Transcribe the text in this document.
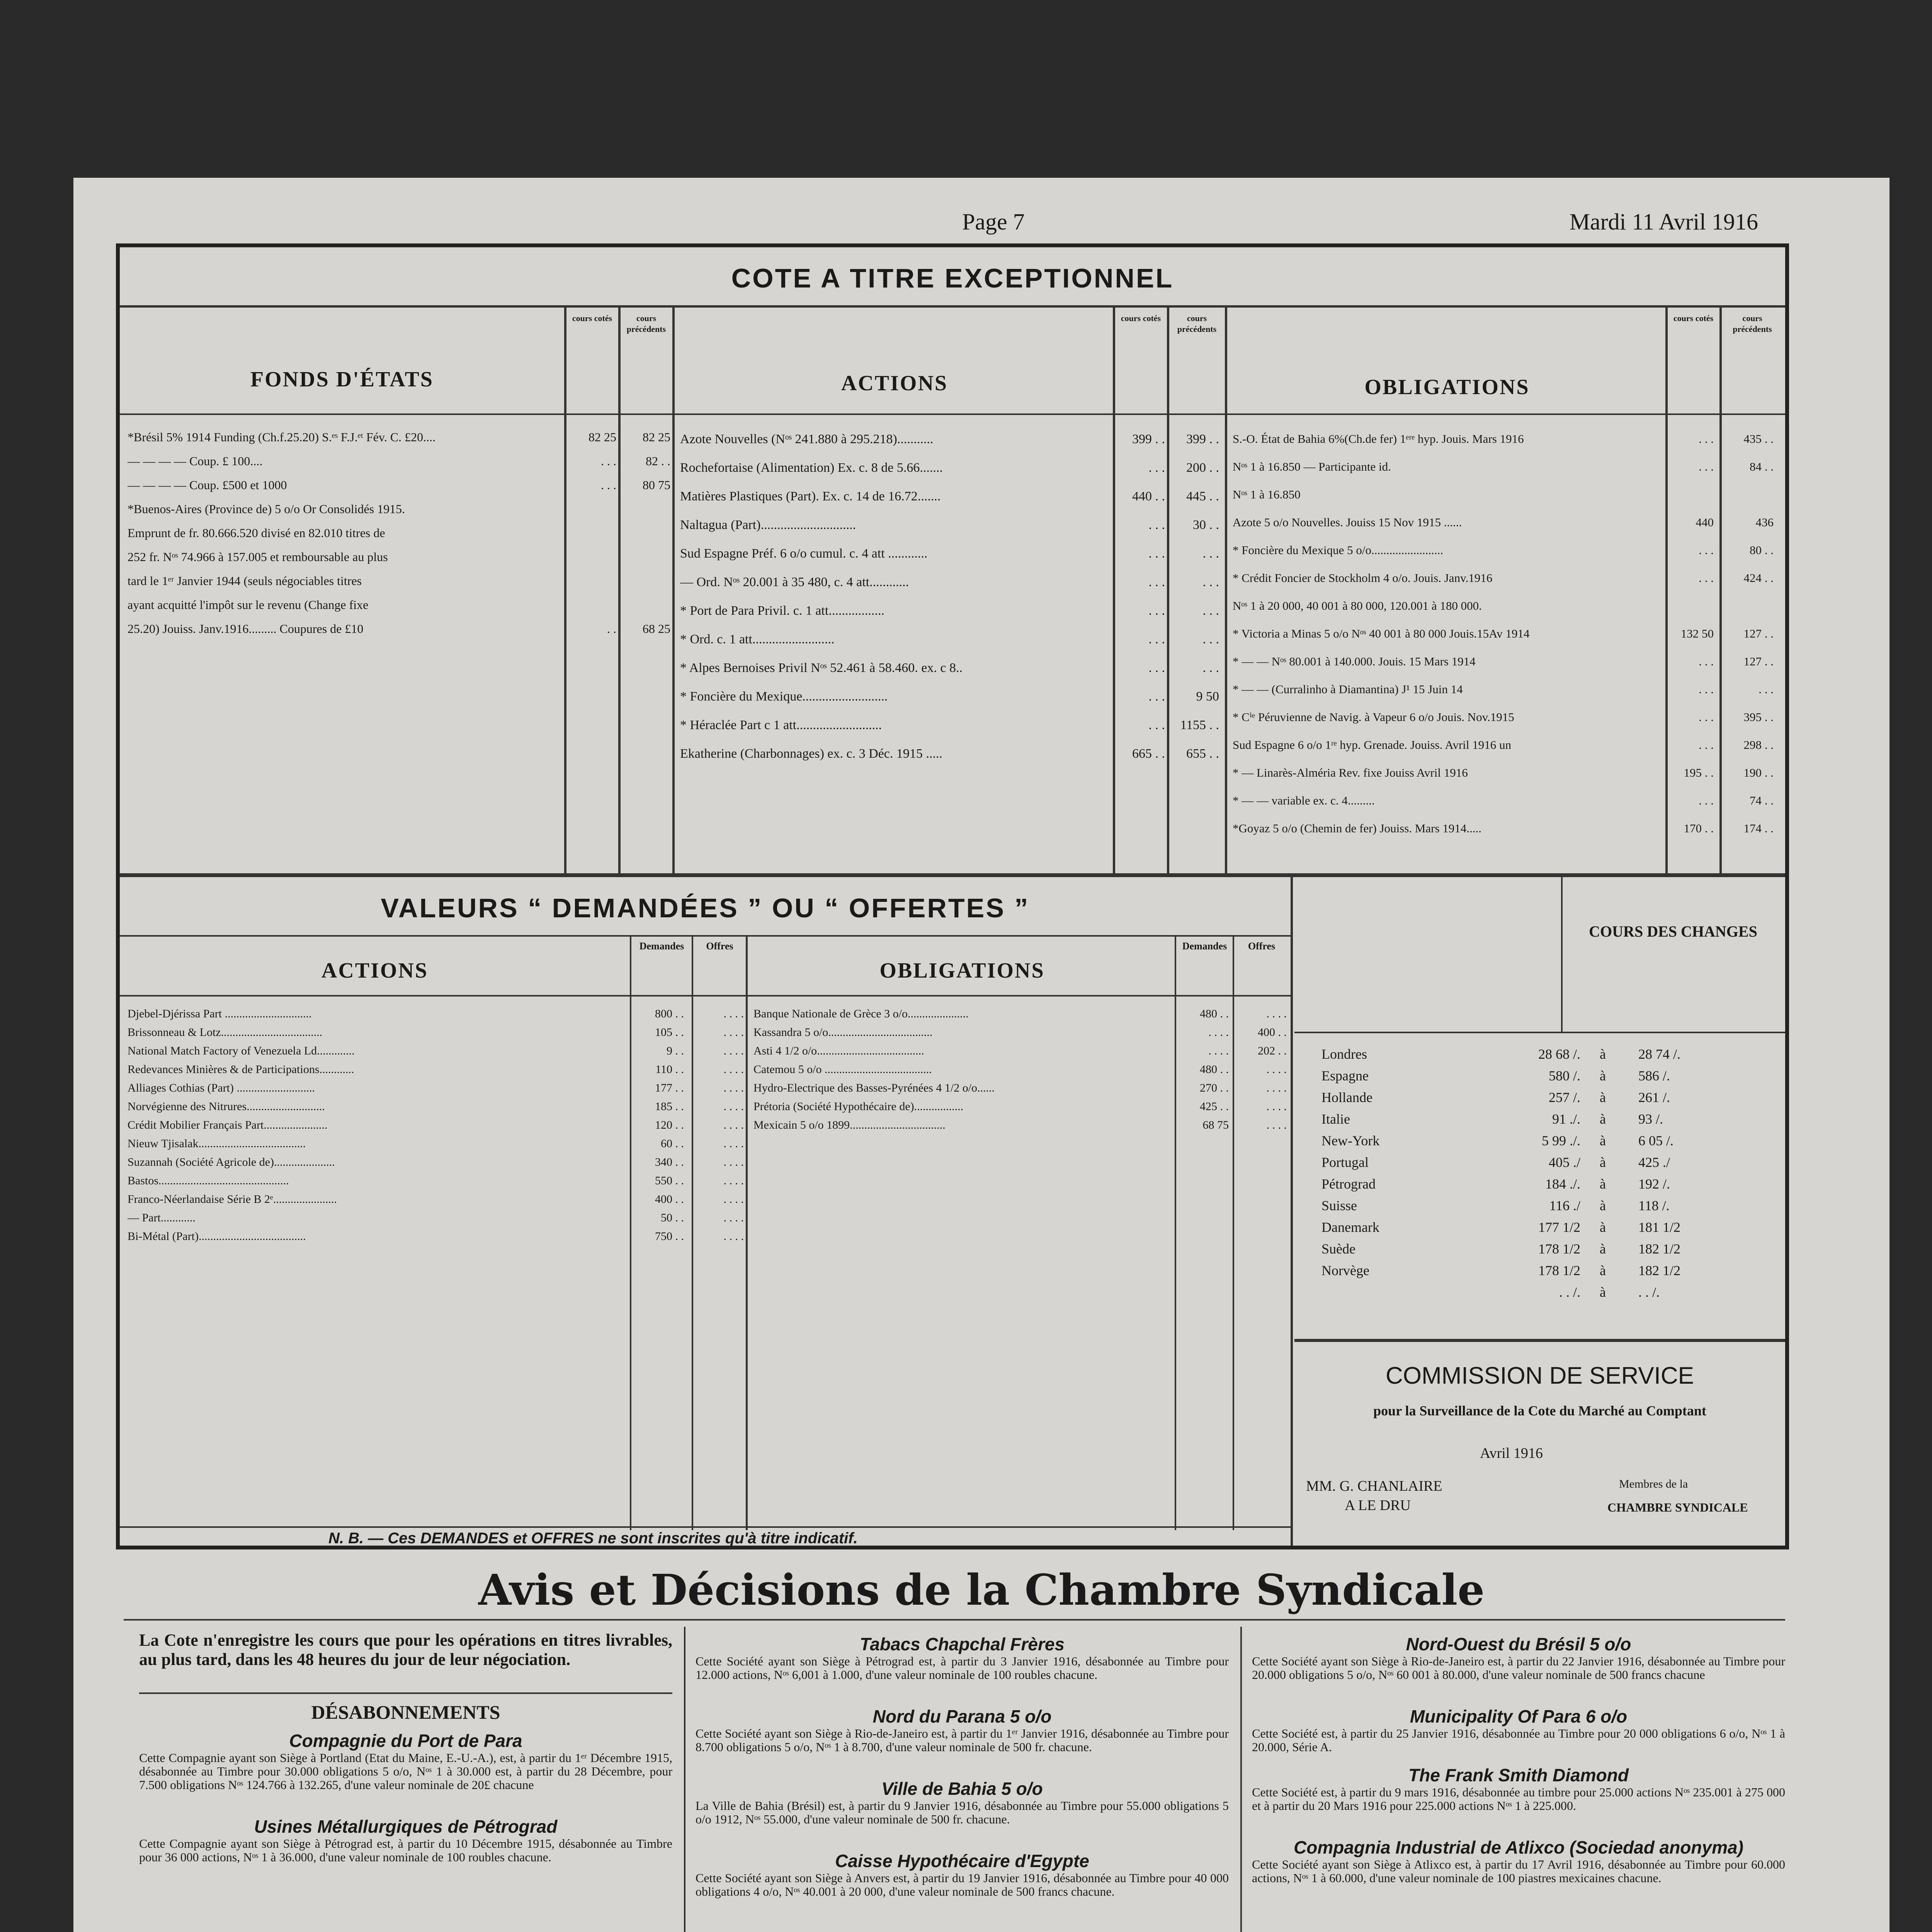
Page 7	Mardi 11 Avril 1916
COTE A TITRE EXCEPTIONNEL
cours cotés	cours précédents
cours cotés	cours précédents
cours cotés	cours précédents
FONDS D'ÉTATS	ACTIONS	OBLIGATIONS
*Brésil 5% 1914 Funding (Ch.f.25.20) S.ᵉˢ F.J.ᵉᵗ Fév. C. £20....	82 25	82 25
— — — — Coup. £ 100....	. . .	82 . .
— — — — Coup. £500 et 1000	. . .	80 75
*Buenos-Aires (Province de) 5 o/o Or Consolidés 1915.
Emprunt de fr. 80.666.520 divisé en 82.010 titres de
252 fr. Nᵒˢ 74.966 à 157.005 et remboursable au plus
tard le 1ᵉʳ Janvier 1944 (seuls négociables titres
ayant acquitté l'impôt sur le revenu (Change fixe
25.20) Jouiss. Janv.1916......... Coupures de £10	. .	68 25
Azote Nouvelles (Nᵒˢ 241.880 à 295.218)...........	399 . .	399 . .
Rochefortaise (Alimentation) Ex. c. 8 de 5.66.......	. . .	200 . .
Matières Plastiques (Part). Ex. c. 14 de 16.72.......	440 . .	445 . .
Naltagua (Part).............................	. . .	30 . .
Sud Espagne Préf. 6 o/o cumul. c. 4 att ............	. . .	. . .
— Ord. Nᵒˢ 20.001 à 35 480, c. 4 att............	. . .	. . .
* Port de Para Privil. c. 1 att.................	. . .	. . .
* Ord. c. 1 att.........................	. . .	. . .
* Alpes Bernoises Privil Nᵒˢ 52.461 à 58.460. ex. c 8..	. . .	. . .
* Foncière du Mexique..........................	. . .	9 50
* Héraclée Part c 1 att..........................	. . .	1155 . .
Ekatherine (Charbonnages) ex. c. 3 Déc. 1915 .....	665 . .	655 . .
S.-O. État de Bahia 6%(Ch.de fer) 1ᵉʳᵉ hyp. Jouis. Mars 1916	. . .	435 . .
Nᵒˢ 1 à 16.850 — Participante id.	. . .	84 . .
Nᵒˢ 1 à 16.850
Azote 5 o/o Nouvelles. Jouiss 15 Nov 1915 ......	440	436
* Foncière du Mexique 5 o/o........................	. . .	80 . .
* Crédit Foncier de Stockholm 4 o/o. Jouis. Janv.1916	. . .	424 . .
Nᵒˢ 1 à 20 000, 40 001 à 80 000, 120.001 à 180 000.
* Victoria a Minas 5 o/o Nᵒˢ 40 001 à 80 000 Jouis.15Av 1914	132 50	127 . .
* — — Nᵒˢ 80.001 à 140.000. Jouis. 15 Mars 1914	. . .	127 . .
* — — (Curralinho à Diamantina) J¹ 15 Juin 14	. . .	. . .
* Cⁱᵉ Péruvienne de Navig. à Vapeur 6 o/o Jouis. Nov.1915	. . .	395 . .
Sud Espagne 6 o/o 1ʳᵉ hyp. Grenade. Jouiss. Avril 1916 un	. . .	298 . .
* — Linarès-Alméria Rev. fixe Jouiss Avril 1916	195 . .	190 . .
* — — variable ex. c. 4.........	. . .	74 . .
*Goyaz 5 o/o (Chemin de fer) Jouiss. Mars 1914.....	170 . .	174 . .
VALEURS “ DEMANDÉES ” OU “ OFFERTES ”
Demandes	Offres	Demandes	Offres
ACTIONS	OBLIGATIONS
Djebel-Djérissa Part ..............................	800 . .	. . . .
Brissonneau & Lotz...................................	105 . .	. . . .
National Match Factory of Venezuela Ld.............	9 . .	. . . .
Redevances Minières & de Participations............	110 . .	. . . .
Alliages Cothias (Part) ...........................	177 . .	. . . .
Norvégienne des Nitrures...........................	185 . .	. . . .
Crédit Mobilier Français Part......................	120 . .	. . . .
Nieuw Tjisalak.....................................	60 . .	. . . .
Suzannah (Société Agricole de).....................	340 . .	. . . .
Bastos.............................................	550 . .	. . . .
Franco-Néerlandaise Série B 2ᵉ......................	400 . .	. . . .
— Part............	50 . .	. . . .
Bi-Métal (Part).....................................	750 . .	. . . .
Banque Nationale de Grèce 3 o/o.....................	480 . .	. . . .
Kassandra 5 o/o....................................	. . . .	400 . .
Asti 4 1/2 o/o.....................................	. . . .	202 . .
Catemou 5 o/o .....................................	480 . .	. . . .
Hydro-Electrique des Basses-Pyrénées 4 1/2 o/o......	270 . .	. . . .
Prétoria (Société Hypothécaire de).................	425 . .	. . . .
Mexicain 5 o/o 1899.................................	68 75	. . . .
N. B. — Ces DEMANDES et OFFRES ne sont inscrites qu'à titre indicatif.
COURS DES CHANGES
Londres	28 68 /. à 28 74 /.
Espagne	580 /. à 586 /.
Hollande	257 /. à 261 /.
Italie	91 ./. à 93 /.
New-York	5 99 ./. à 6 05 /.
Portugal	405 ./ à 425 ./
Pétrograd	184 ./. à 192 /.
Suisse	116 ./ à 118 /.
Danemark	177 1/2 à 181 1/2
Suède	178 1/2 à 182 1/2
Norvège	178 1/2 à 182 1/2
. . /. à . . /.
COMMISSION DE SERVICE
pour la Surveillance de la Cote du Marché au Comptant
Avril 1916
MM. G. CHANLAIRE
A LE DRU
Membres de la
CHAMBRE SYNDICALE
Avis et Décisions de la Chambre Syndicale
La Cote n'enregistre les cours que pour les opérations en titres livrables, au plus tard, dans les 48 heures du jour de leur négociation.
DÉSABONNEMENTS
Compagnie du Port de Para
Cette Compagnie ayant son Siège à Portland (Etat du Maine, E.-U.-A.), est, à partir du 1ᵉʳ Décembre 1915, désabonnée au Timbre pour 30.000 obligations 5 o/o, Nᵒˢ 1 à 30.000 est, à partir du 28 Décembre, pour 7.500 obligations Nᵒˢ 124.766 à 132.265, d'une valeur nominale de 20£ chacune
Usines Métallurgiques de Pétrograd
Cette Compagnie ayant son Siège à Pétrograd est, à partir du 10 Décembre 1915, désabonnée au Timbre pour 36 000 actions, Nᵒˢ 1 à 36.000, d'une valeur nominale de 100 roubles chacune.
Tabacs Chapchal Frères
Cette Société ayant son Siège à Pétrograd est, à partir du 3 Janvier 1916, désabonnée au Timbre pour 12.000 actions, Nᵒˢ 6,001 à 1.000, d'une valeur nominale de 100 roubles chacune.
Nord du Parana 5 o/o
Cette Société ayant son Siège à Rio-de-Janeiro est, à partir du 1ᵉʳ Janvier 1916, désabonnée au Timbre pour 8.700 obligations 5 o/o, Nᵒˢ 1 à 8.700, d'une valeur nominale de 500 fr. chacune.
Ville de Bahia 5 o/o
La Ville de Bahia (Brésil) est, à partir du 9 Janvier 1916, désabonnée au Timbre pour 55.000 obligations 5 o/o 1912, Nᵒˢ 55.000, d'une valeur nominale de 500 fr. chacune.
Caisse Hypothécaire d'Egypte
Cette Société ayant son Siège à Anvers est, à partir du 19 Janvier 1916, désabonnée au Timbre pour 40 000 obligations 4 o/o, Nᵒˢ 40.001 à 20 000, d'une valeur nominale de 500 francs chacune.
Nord-Ouest du Brésil 5 o/o
Cette Société ayant son Siège à Rio-de-Janeiro est, à partir du 22 Janvier 1916, désabonnée au Timbre pour 20.000 obligations 5 o/o, Nᵒˢ 60 001 à 80.000, d'une valeur nominale de 500 francs chacune
Municipality Of Para 6 o/o
Cette Société est, à partir du 25 Janvier 1916, désabonnée au Timbre pour 20 000 obligations 6 o/o, Nᵒˢ 1 à 20.000, Série A.
The Frank Smith Diamond
Cette Société est, à partir du 9 mars 1916, désabonnée au timbre pour 25.000 actions Nᵒˢ 235.001 à 275 000 et à partir du 20 Mars 1916 pour 225.000 actions Nᵒˢ 1 à 225.000.
Compagnia Industrial de Atlixco (Sociedad anonyma)
Cette Société ayant son Siège à Atlixco est, à partir du 17 Avril 1916, désabonnée au Timbre pour 60.000 actions, Nᵒˢ 1 à 60.000, d'une valeur nominale de 100 piastres mexicaines chacune.
